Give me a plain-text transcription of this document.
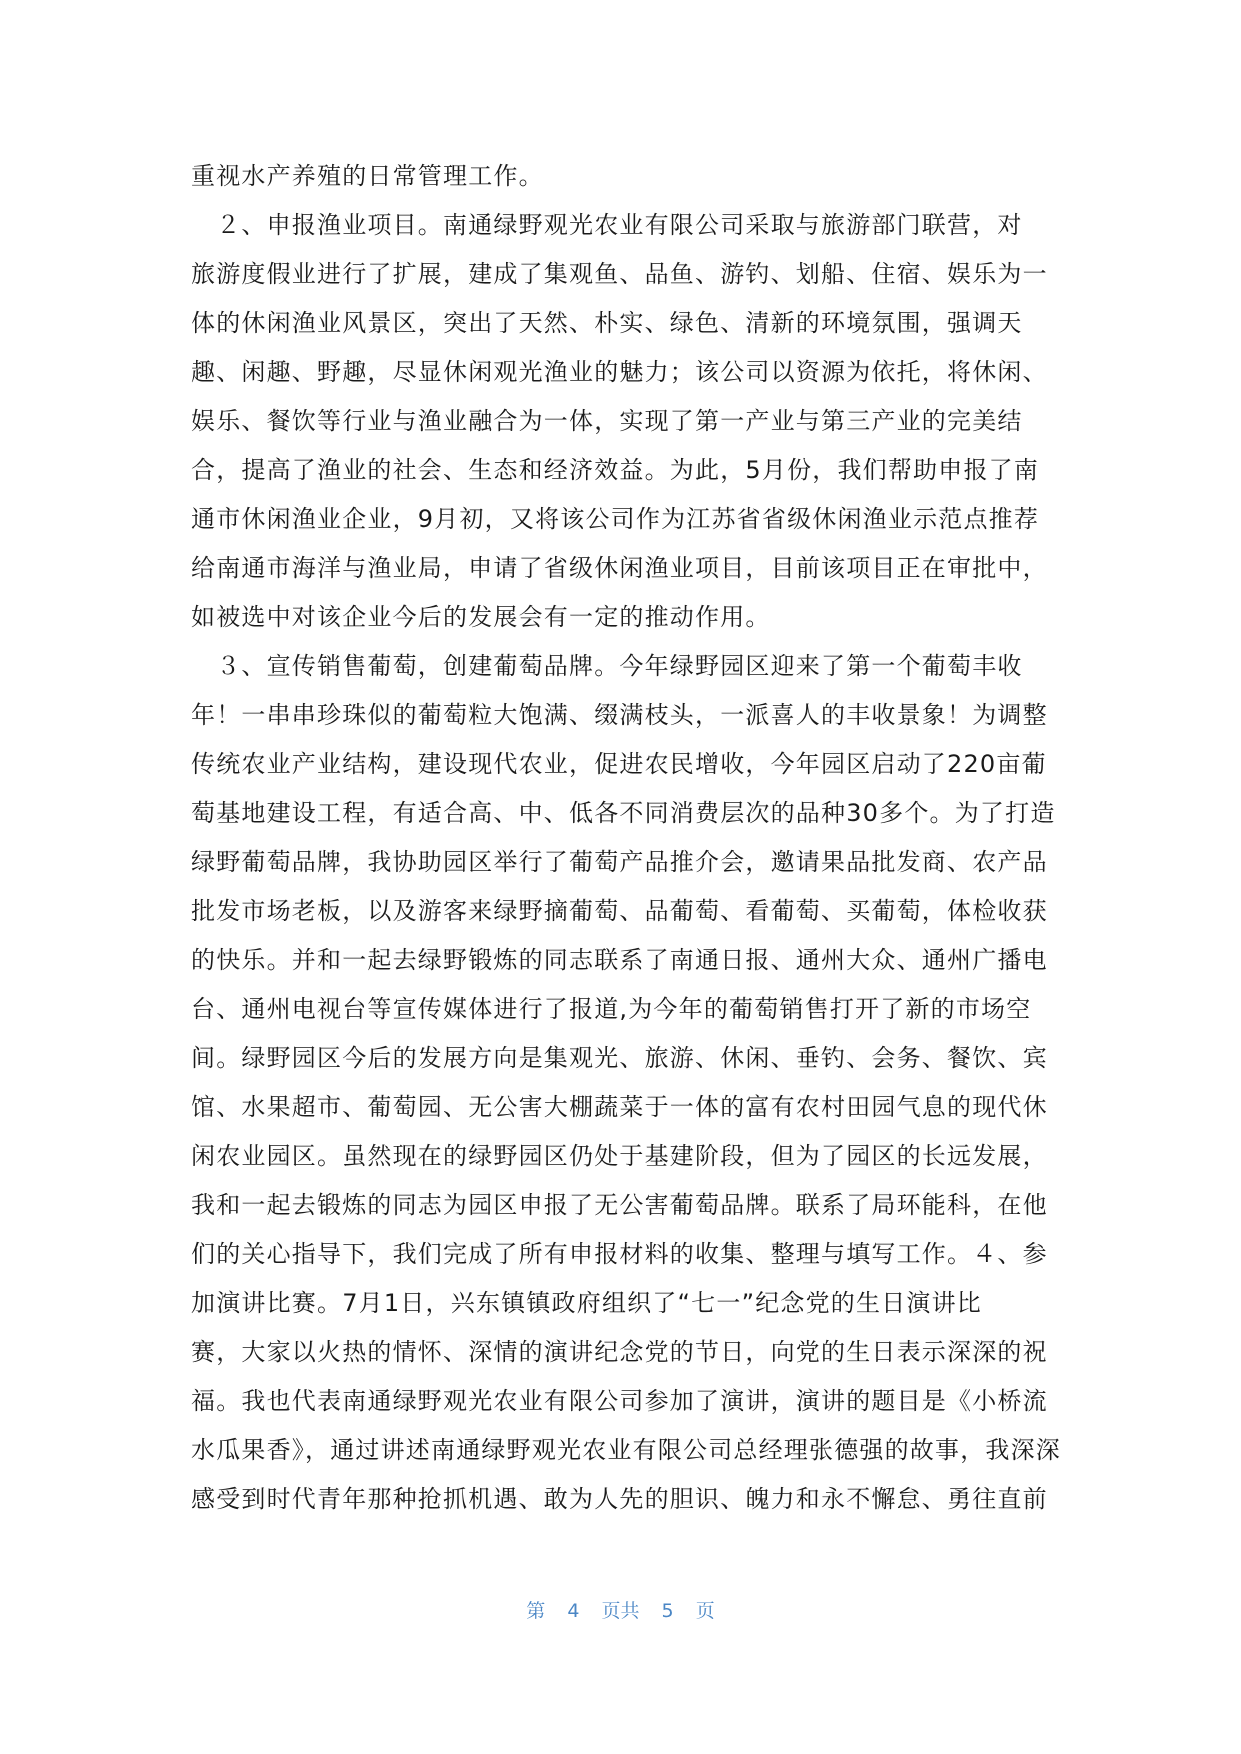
重视水产养殖的日常管理工作。
　２、申报渔业项目。南通绿野观光农业有限公司采取与旅游部门联营，对
旅游度假业进行了扩展，建成了集观鱼、品鱼、游钓、划船、住宿、娱乐为一
体的休闲渔业风景区，突出了天然、朴实、绿色、清新的环境氛围，强调天
趣、闲趣、野趣，尽显休闲观光渔业的魅力；该公司以资源为依托，将休闲、
娱乐、餐饮等行业与渔业融合为一体，实现了第一产业与第三产业的完美结
合，提高了渔业的社会、生态和经济效益。为此，5月份，我们帮助申报了南
通市休闲渔业企业，9月初，又将该公司作为江苏省省级休闲渔业示范点推荐
给南通市海洋与渔业局，申请了省级休闲渔业项目，目前该项目正在审批中，
如被选中对该企业今后的发展会有一定的推动作用。
　３、宣传销售葡萄，创建葡萄品牌。今年绿野园区迎来了第一个葡萄丰收
年！一串串珍珠似的葡萄粒大饱满、缀满枝头，一派喜人的丰收景象！为调整
传统农业产业结构，建设现代农业，促进农民增收，今年园区启动了220亩葡
萄基地建设工程，有适合高、中、低各不同消费层次的品种30多个。为了打造
绿野葡萄品牌，我协助园区举行了葡萄产品推介会，邀请果品批发商、农产品
批发市场老板，以及游客来绿野摘葡萄、品葡萄、看葡萄、买葡萄，体检收获
的快乐。并和一起去绿野锻炼的同志联系了南通日报、通州大众、通州广播电
台、通州电视台等宣传媒体进行了报道,为今年的葡萄销售打开了新的市场空
间。绿野园区今后的发展方向是集观光、旅游、休闲、垂钓、会务、餐饮、宾
馆、水果超市、葡萄园、无公害大棚蔬菜于一体的富有农村田园气息的现代休
闲农业园区。虽然现在的绿野园区仍处于基建阶段，但为了园区的长远发展，
我和一起去锻炼的同志为园区申报了无公害葡萄品牌。联系了局环能科，在他
们的关心指导下，我们完成了所有申报材料的收集、整理与填写工作。４、参
加演讲比赛。7月1日，兴东镇镇政府组织了“七一”纪念党的生日演讲比
赛，大家以火热的情怀、深情的演讲纪念党的节日，向党的生日表示深深的祝
福。我也代表南通绿野观光农业有限公司参加了演讲，演讲的题目是《小桥流
水瓜果香》，通过讲述南通绿野观光农业有限公司总经理张德强的故事，我深深
感受到时代青年那种抢抓机遇、敢为人先的胆识、魄力和永不懈怠、勇往直前
第 4 页共 5 页
